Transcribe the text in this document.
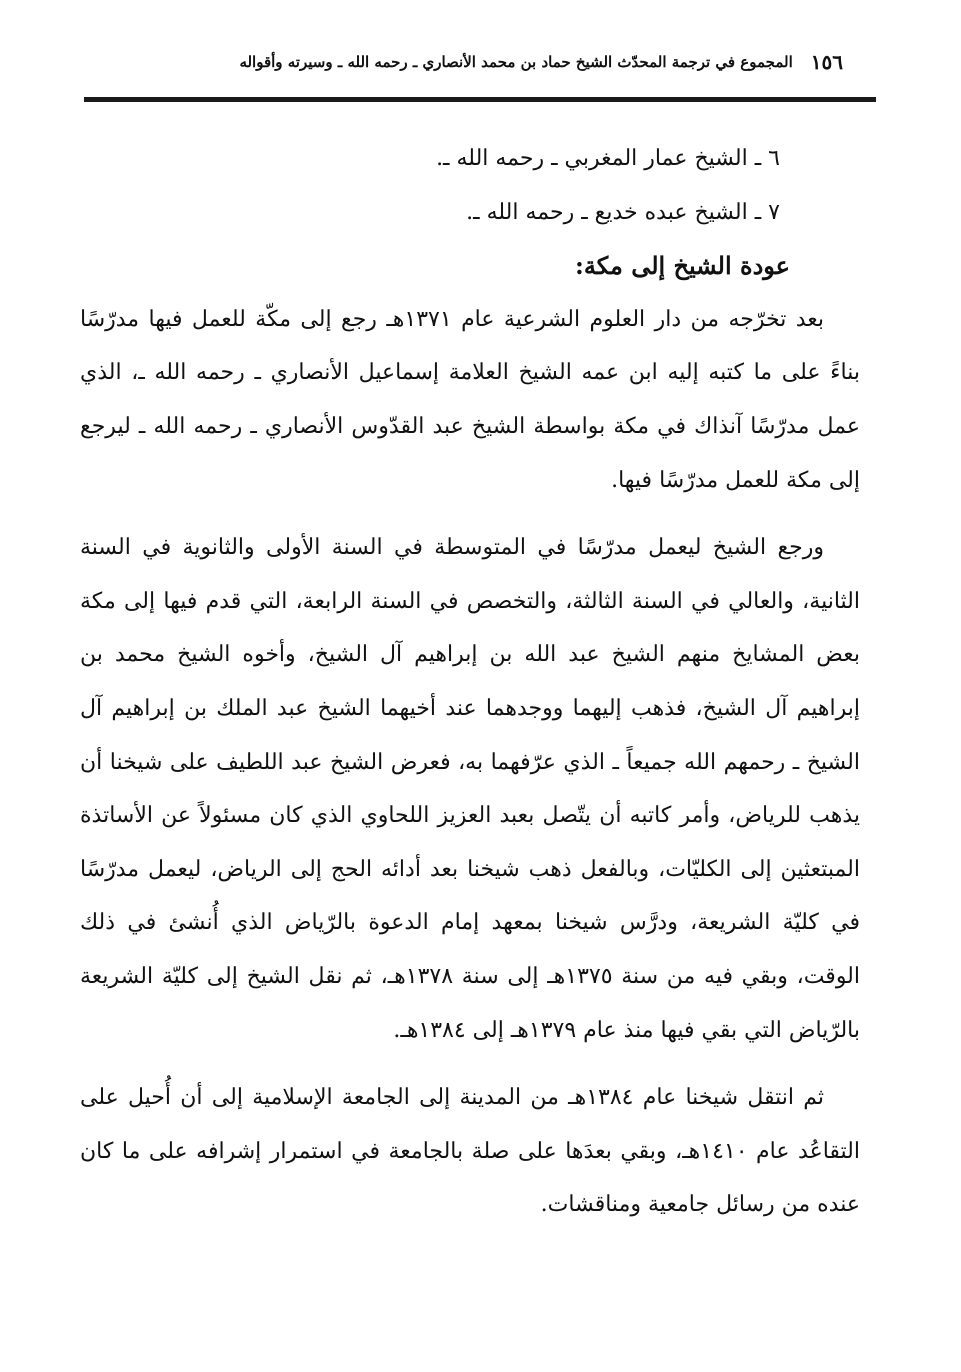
١٥٦
المجموع في ترجمة المحدّث الشيخ حماد بن محمد الأنصاري ـ رحمه الله ـ وسيرته وأقواله

٦ ـ الشيخ عمار المغربي ـ رحمه الله ـ.

٧ ـ الشيخ عبده خديع ـ رحمه الله ـ.

عودة الشيخ إلى مكة:

بعد تخرّجه من دار العلوم الشرعية عام ١٣٧١هـ رجع إلى مكّة للعمل فيها مدرّسًا بناءً على ما كتبه إليه ابن عمه الشيخ العلامة إسماعيل الأنصاري ـ رحمه الله ـ، الذي عمل مدرّسًا آنذاك في مكة بواسطة الشيخ عبد القدّوس الأنصاري ـ رحمه الله ـ ليرجع إلى مكة للعمل مدرّسًا فيها.

ورجع الشيخ ليعمل مدرّسًا في المتوسطة في السنة الأولى والثانوية في السنة الثانية، والعالي في السنة الثالثة، والتخصص في السنة الرابعة، التي قدم فيها إلى مكة بعض المشايخ منهم الشيخ عبد الله بن إبراهيم آل الشيخ، وأخوه الشيخ محمد بن إبراهيم آل الشيخ، فذهب إليهما ووجدهما عند أخيهما الشيخ عبد الملك بن إبراهيم آل الشيخ ـ رحمهم الله جميعاً ـ الذي عرّفهما به، فعرض الشيخ عبد اللطيف على شيخنا أن يذهب للرياض، وأمر كاتبه أن يتّصل بعبد العزيز اللحاوي الذي كان مسئولاً عن الأساتذة المبتعثين إلى الكليّات، وبالفعل ذهب شيخنا بعد أدائه الحج إلى الرياض، ليعمل مدرّسًا في كليّة الشريعة، ودرَّس شيخنا بمعهد إمام الدعوة بالرّياض الذي أُنشئ في ذلك الوقت، وبقي فيه من سنة ١٣٧٥هـ إلى سنة ١٣٧٨هـ، ثم نقل الشيخ إلى كليّة الشريعة بالرّياض التي بقي فيها منذ عام ١٣٧٩هـ إلى ١٣٨٤هـ.

ثم انتقل شيخنا عام ١٣٨٤هـ من المدينة إلى الجامعة الإسلامية إلى أن أُحيل على التقاعُد عام ١٤١٠هـ، وبقي بعدَها على صلة بالجامعة في استمرار إشرافه على ما كان عنده من رسائل جامعية ومناقشات.
